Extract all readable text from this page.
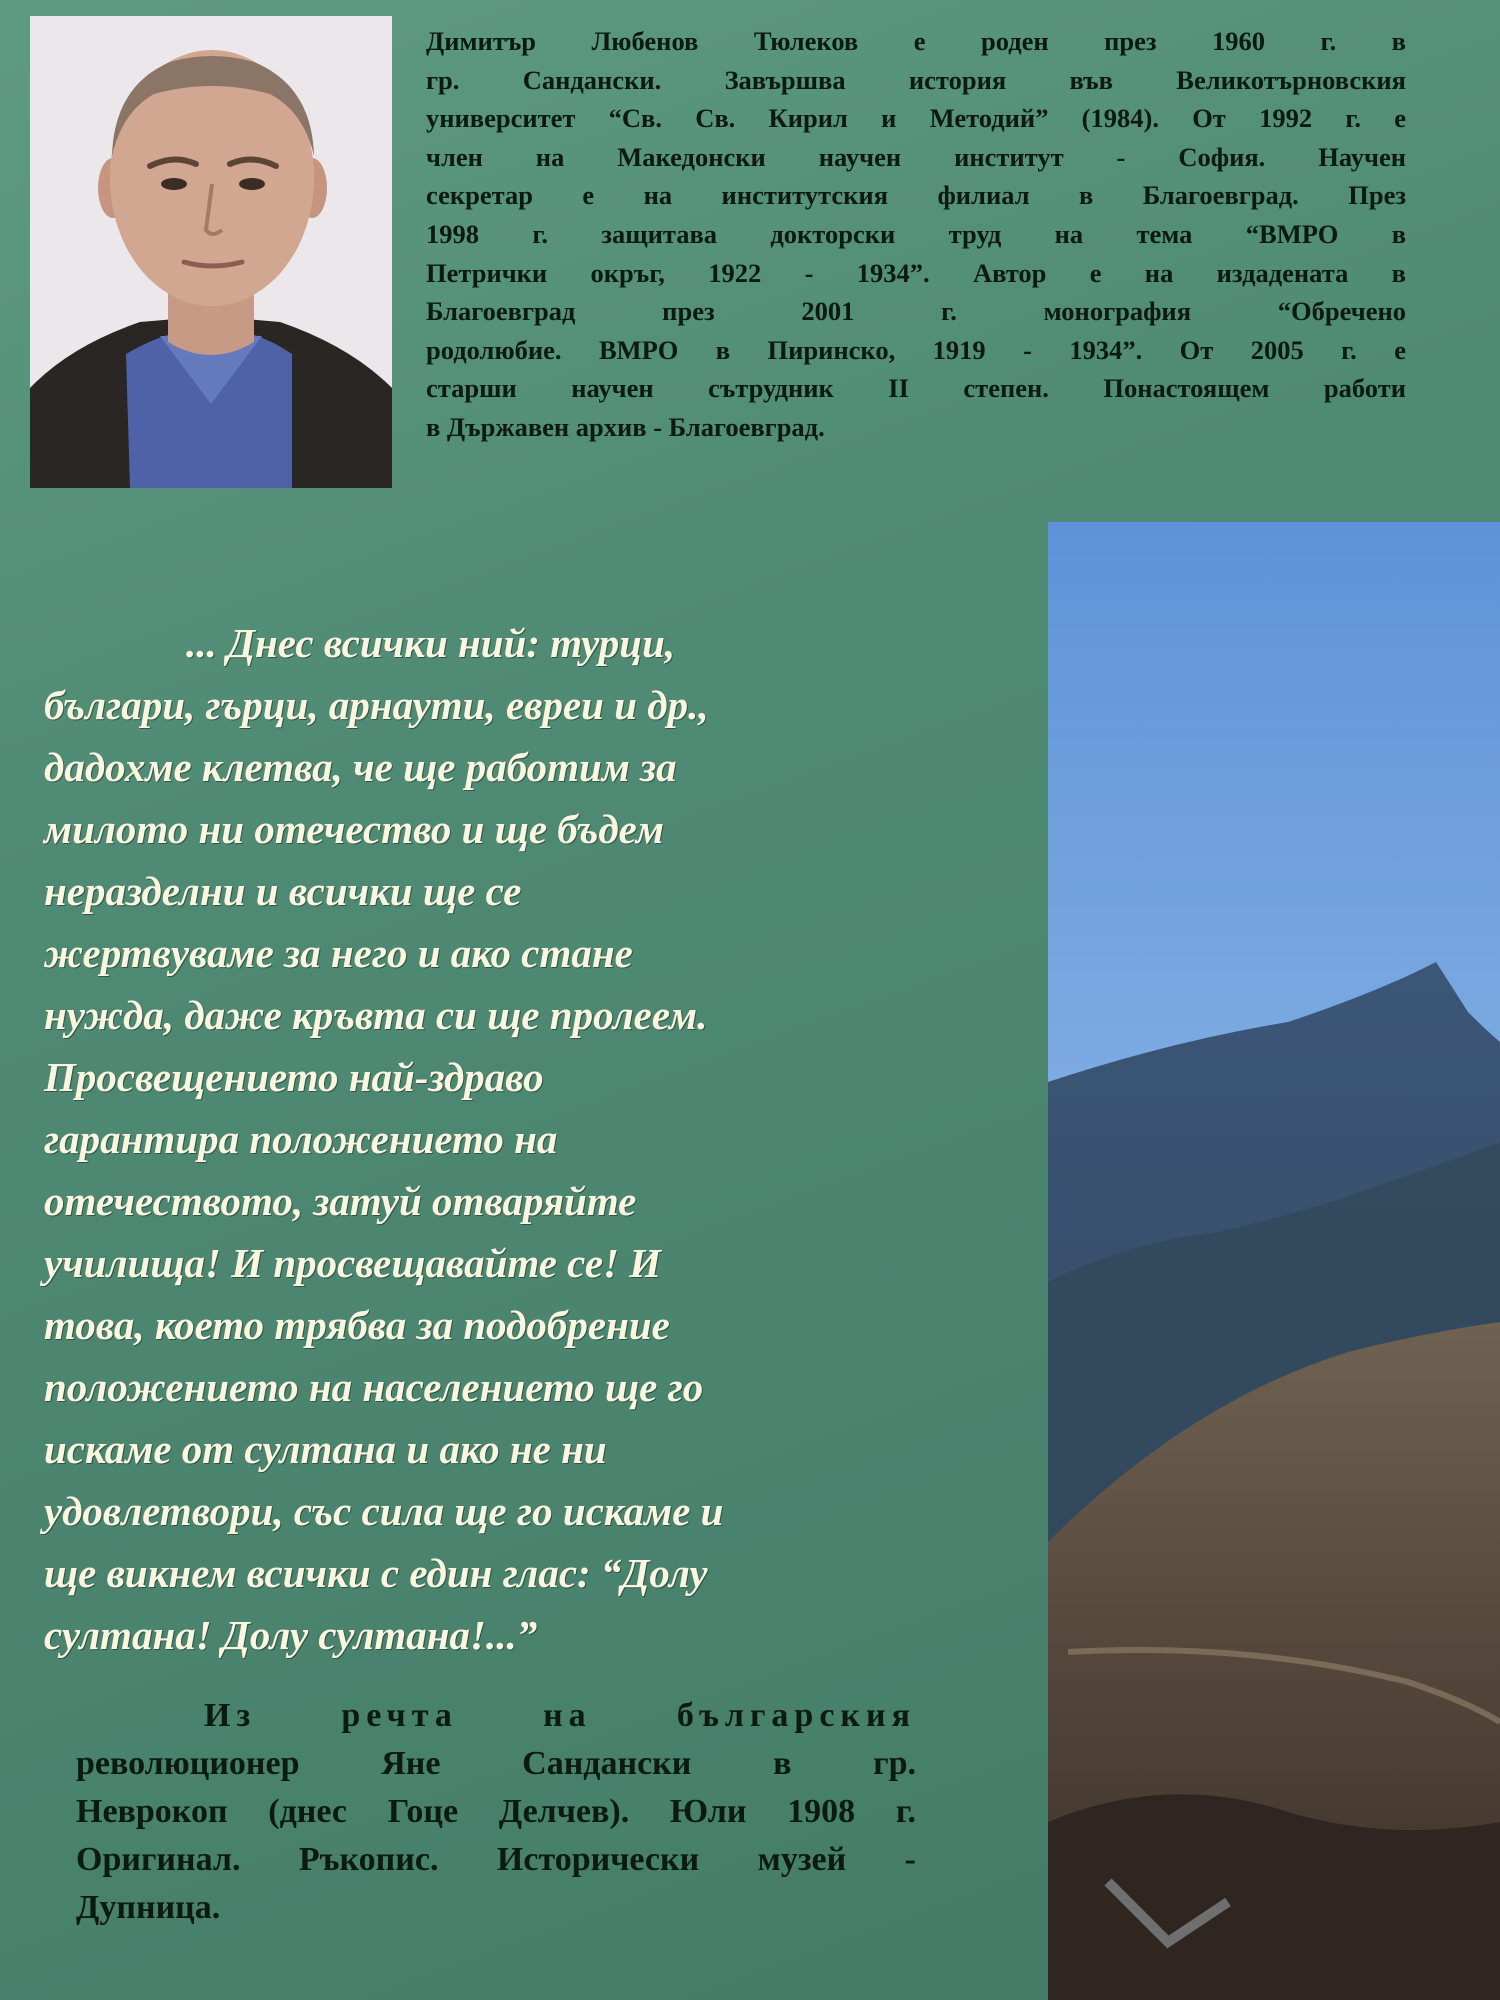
Димитър Любенов Тюлеков е роден през 1960 г. в
гр. Сандански. Завършва история във Великотърновския
университет “Св. Св. Кирил и Методий” (1984). От 1992 г. е
член на Македонски научен институт - София. Научен
секретар е на институтския филиал в Благоевград. През
1998 г. защитава докторски труд на тема “ВМРО в
Петрички окръг, 1922 - 1934”. Автор е на издадената в
Благоевград през 2001 г. монография “Обречено
родолюбие. ВМРО в Пиринско, 1919 - 1934”. От 2005 г. е
старши научен сътрудник II степен. Понастоящем работи
в Държавен архив - Благоевград.
... Днес всички ний: турци,
българи, гърци, арнаути, евреи и др.,
дадохме клетва, че ще работим за
милото ни отечество и ще бъдем
неразделни и всички ще се
жертвуваме за него и ако стане
нужда, даже кръвта си ще пролеем.
Просвещението най-здраво
гарантира положението на
отечеството, затуй отваряйте
училища! И просвещавайте се! И
това, което трябва за подобрение
положението на населението ще го
искаме от султана и ако не ни
удовлетвори, със сила ще го искаме и
ще викнем всички с един глас: “Долу
султана! Долу султана!...”
Из речта на българския
революционер Яне Сандански в гр.
Неврокоп (днес Гоце Делчев). Юли 1908 г.
Оригинал. Ръкопис. Исторически музей -
Дупница.
